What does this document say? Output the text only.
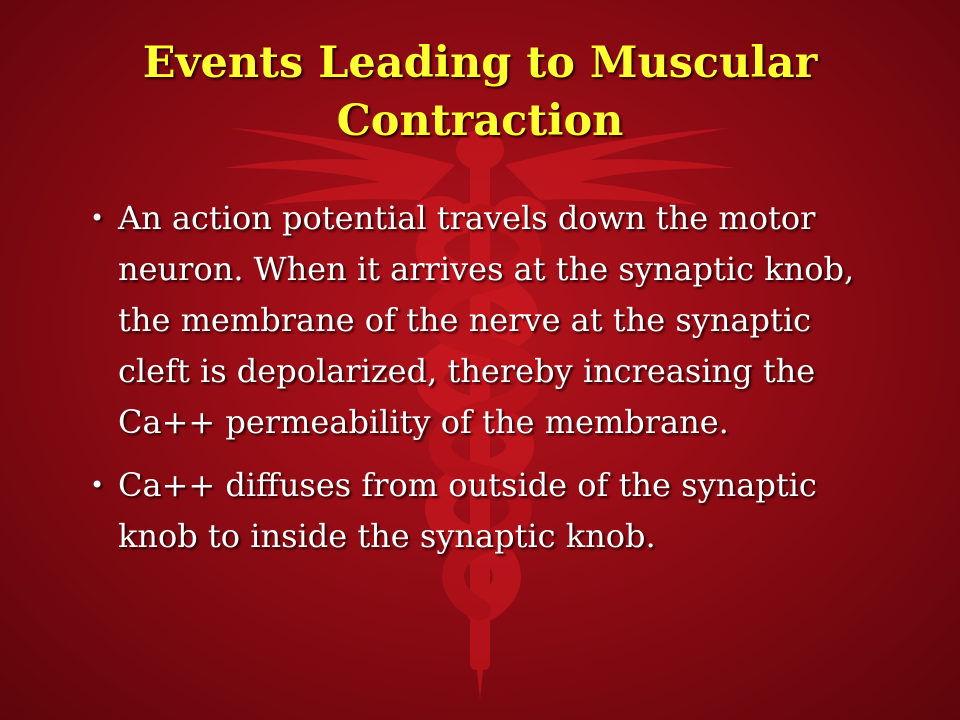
Events Leading to Muscular Contraction
• An action potential travels down the motor neuron. When it arrives at the synaptic knob, the membrane of the nerve at the synaptic cleft is depolarized, thereby increasing the Ca++ permeability of the membrane.
• Ca++ diffuses from outside of the synaptic knob to inside the synaptic knob.
